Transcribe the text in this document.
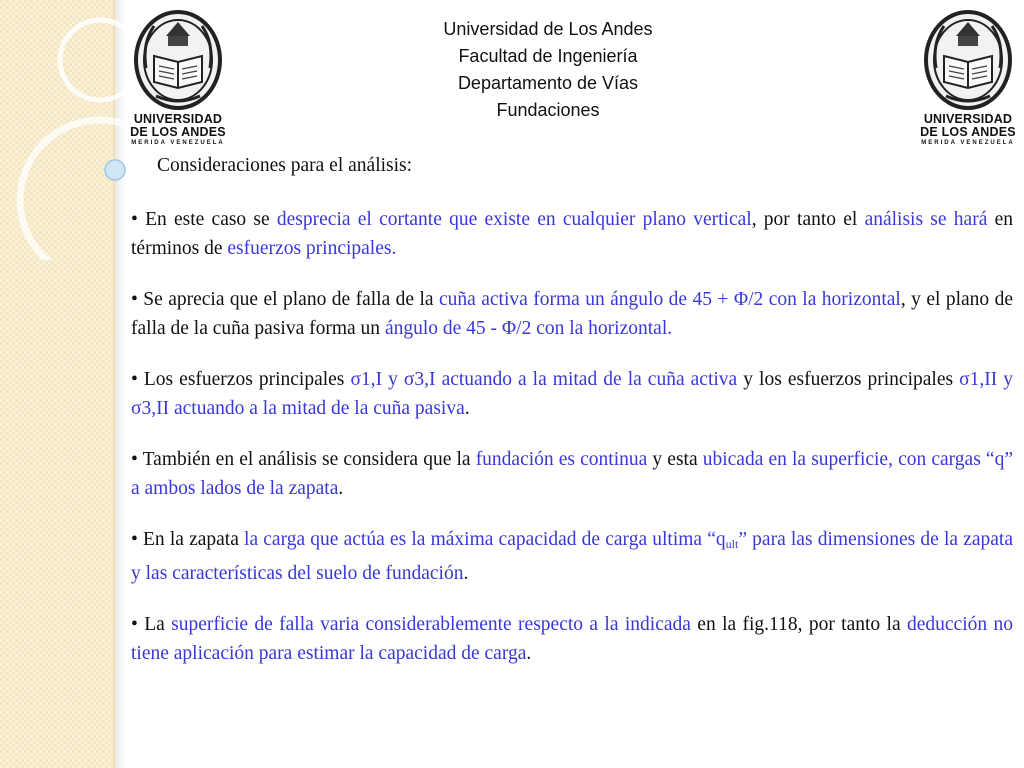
UNIVERSIDAD
DE LOS ANDES
MERIDA VENEZUELA
UNIVERSIDAD
DE LOS ANDES
MERIDA VENEZUELA
Universidad de Los Andes
Facultad de Ingeniería
Departamento de Vías
Fundaciones
Consideraciones para el análisis:

• En este caso se desprecia el cortante que existe en cualquier plano vertical, por tanto el análisis se hará en términos de esfuerzos principales.

• Se aprecia que el plano de falla de la cuña activa forma un ángulo de 45 + Φ/2 con la horizontal, y el plano de falla de la cuña pasiva forma un ángulo de 45 - Φ/2 con la horizontal.

• Los esfuerzos principales σ1,I y σ3,I actuando a la mitad de la cuña activa y los esfuerzos principales σ1,II y σ3,II actuando a la mitad de la cuña pasiva.

• También en el análisis se considera que la fundación es continua y esta ubicada en la superficie, con cargas “q” a ambos lados de la zapata.

• En la zapata la carga que actúa es la máxima capacidad de carga ultima “$q_{ult}$” para las dimensiones de la zapata y las características del suelo de fundación.

• La superficie de falla varia considerablemente respecto a la indicada en la fig.118, por tanto la deducción no tiene aplicación para estimar la capacidad de carga.
